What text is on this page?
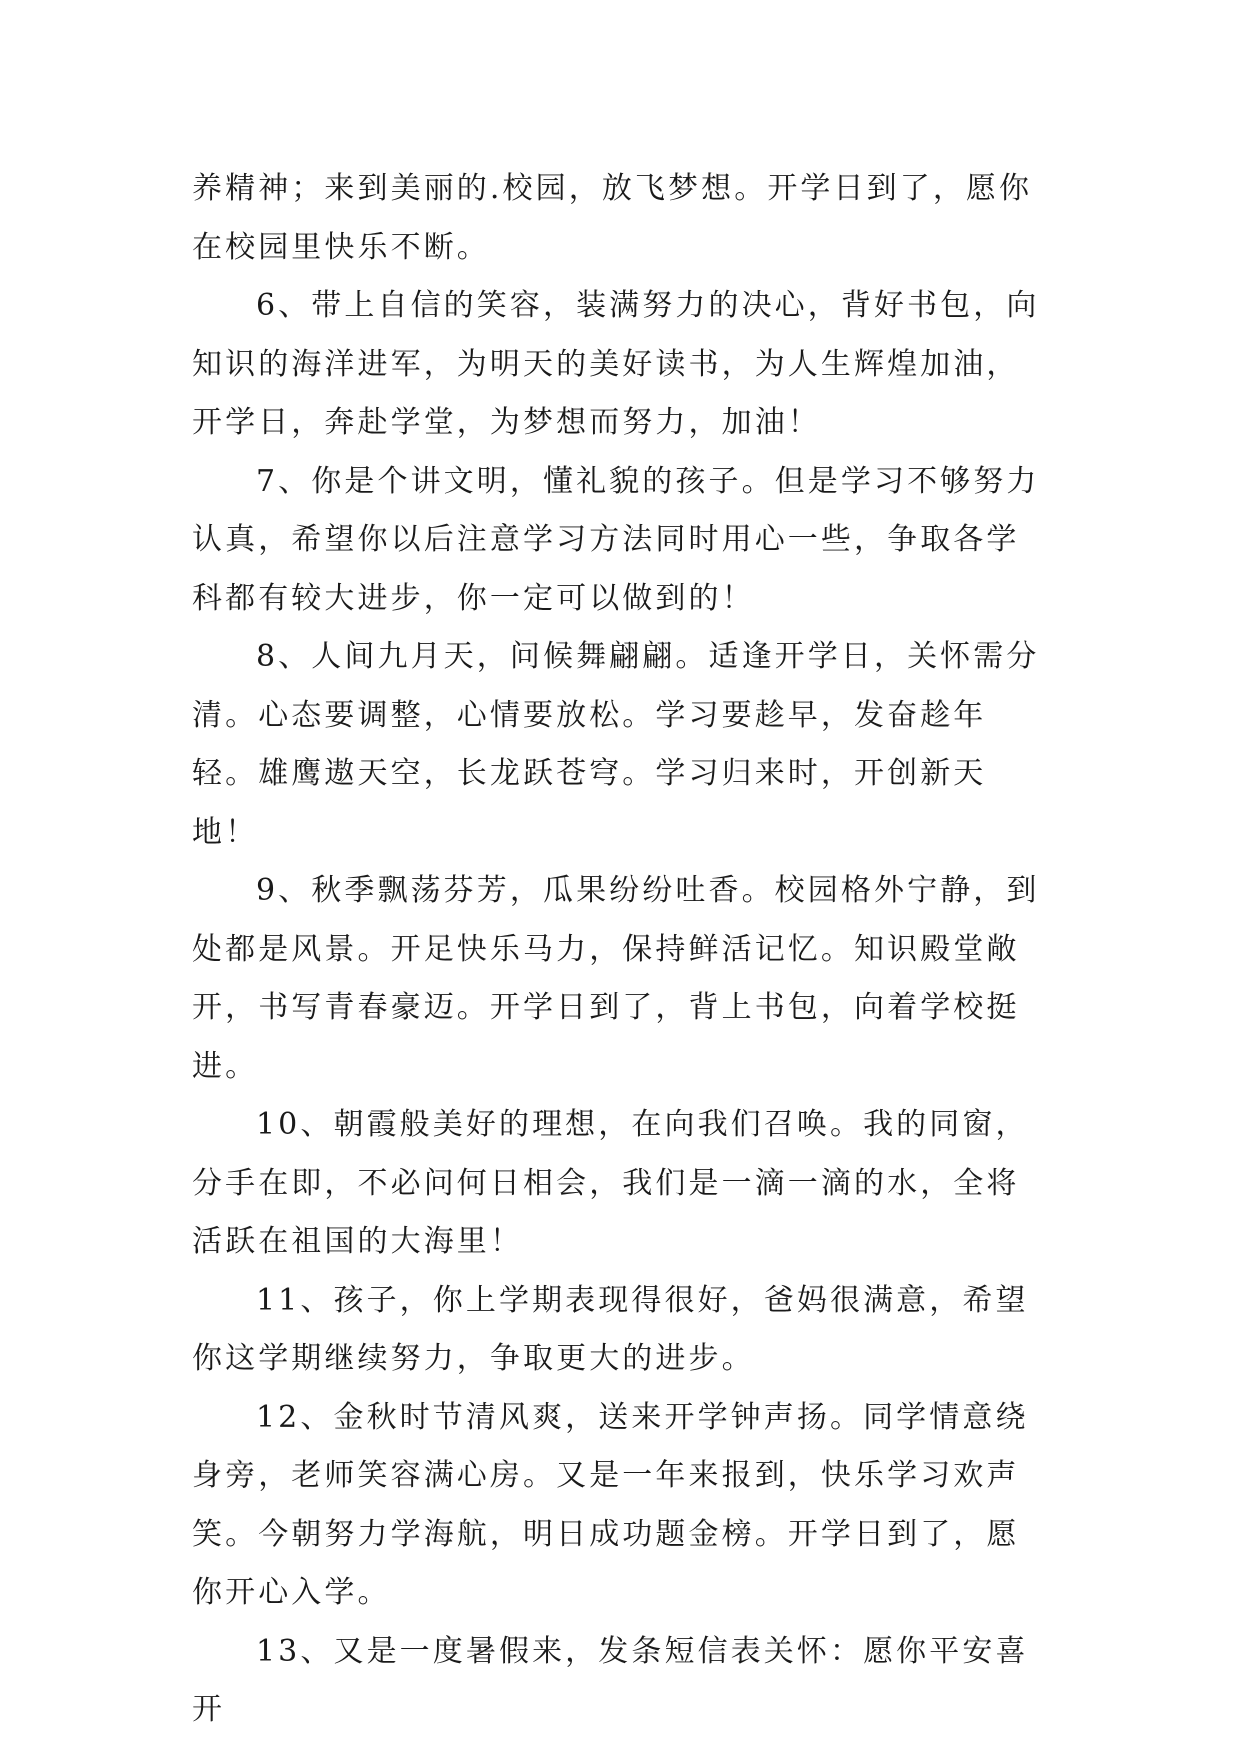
养精神；来到美丽的.校园，放飞梦想。开学日到了，愿你在校园里快乐不断。

6、带上自信的笑容，装满努力的决心，背好书包，向知识的海洋进军，为明天的美好读书，为人生辉煌加油，开学日，奔赴学堂，为梦想而努力，加油！

7、你是个讲文明，懂礼貌的孩子。但是学习不够努力认真，希望你以后注意学习方法同时用心一些，争取各学科都有较大进步，你一定可以做到的！

8、人间九月天，问候舞翩翩。适逢开学日，关怀需分清。心态要调整，心情要放松。学习要趁早，发奋趁年轻。雄鹰遨天空，长龙跃苍穹。学习归来时，开创新天地！

9、秋季飘荡芬芳，瓜果纷纷吐香。校园格外宁静，到处都是风景。开足快乐马力，保持鲜活记忆。知识殿堂敞开，书写青春豪迈。开学日到了，背上书包，向着学校挺进。

10、朝霞般美好的理想，在向我们召唤。我的同窗，分手在即，不必问何日相会，我们是一滴一滴的水，全将活跃在祖国的大海里！

11、孩子，你上学期表现得很好，爸妈很满意，希望你这学期继续努力，争取更大的进步。

12、金秋时节清风爽，送来开学钟声扬。同学情意绕身旁，老师笑容满心房。又是一年来报到，快乐学习欢声笑。今朝努力学海航，明日成功题金榜。开学日到了，愿你开心入学。

13、又是一度暑假来，发条短信表关怀：愿你平安喜开
